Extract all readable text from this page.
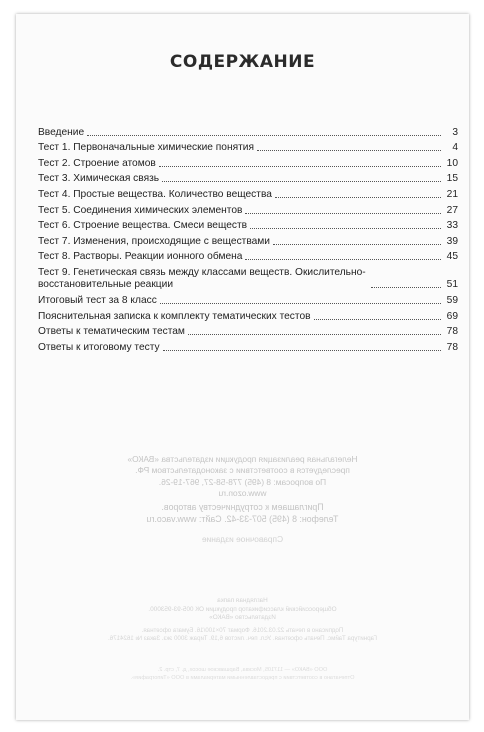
СОДЕРЖАНИЕ
Введение	3
Тест 1. Первоначальные химические понятия	4
Тест 2. Строение атомов	10
Тест 3. Химическая связь	15
Тест 4. Простые вещества. Количество вещества	21
Тест 5. Соединения химических элементов	27
Тест 6. Строение вещества. Смеси веществ	33
Тест 7. Изменения, происходящие с веществами	39
Тест 8. Растворы. Реакции ионного обмена	45
Тест 9. Генетическая связь между классами веществ. Окислительно-восстановительные реакции	51
Итоговый тест за 8 класс	59
Пояснительная записка к комплекту тематических тестов	69
Ответы к тематическим тестам	78
Ответы к итоговому тесту	78
Нелегальная реализация продукции издательства «ВАКО»
преследуется в соответствии с законодательством РФ.
По вопросам: 8 (495) 778-58-27, 967-19-26.
www.ozon.ru
Приглашаем к сотрудничеству авторов.
Телефон: 8 (495) 507-33-42. Сайт: www.vaco.ru
Справочное издание
Наглядная папка
Общероссийский классификатор продукции ОК 005-93-953000.
Издательство «ВАКО»
Подписано в печать 22.03.2016. Формат 70×100/16. Бумага офсетная.
Гарнитура Таймс. Печать офсетная. Усл. печ. листов 6,19. Тираж 3000 экз. Заказ № 1624176.
ООО «ВАКО» — 117105, Москва, Варшавское шоссе, д. 7, стр. 2.
Отпечатано в соответствии с предоставленными материалами в ООО «Типография».
